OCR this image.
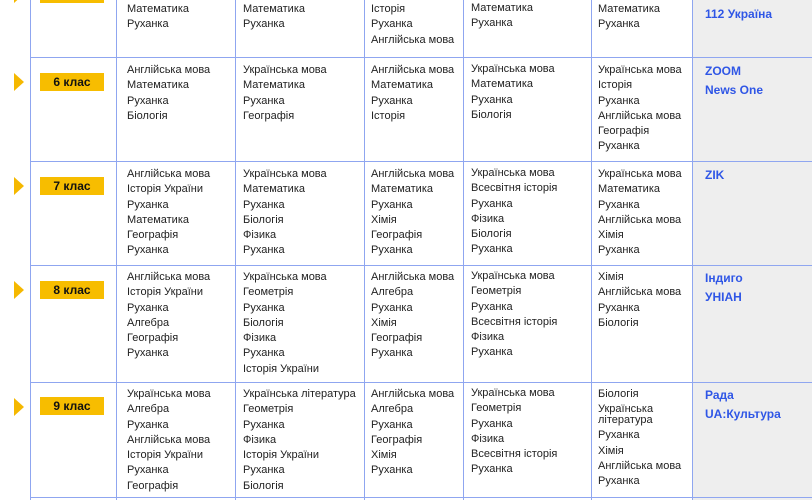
Математика
Руханка
Математика
Руханка
Історія
Руханка
Англійська мова
Математика
Руханка
Математика
Руханка
112 Україна
6 клас
Англійська мова
Математика
Руханка
Біологія
Українська мова
Математика
Руханка
Географія
Англійська мова
Математика
Руханка
Історія
Українська мова
Математика
Руханка
Біологія
Українська мова
Історія
Руханка
Англійська мова
Географія
Руханка
ZOOM
News One
7 клас
Англійська мова
Історія України
Руханка
Математика
Географія
Руханка
Українська мова
Математика
Руханка
Біологія
Фізика
Руханка
Англійська мова
Математика
Руханка
Хімія
Географія
Руханка
Українська мова
Всесвітня історія
Руханка
Фізика
Біологія
Руханка
Українська мова
Математика
Руханка
Англійська мова
Хімія
Руханка
ZIK
8 клас
Англійська мова
Історія України
Руханка
Алгебра
Географія
Руханка
Українська мова
Геометрія
Руханка
Біологія
Фізика
Руханка
Історія України
Англійська мова
Алгебра
Руханка
Хімія
Географія
Руханка
Українська мова
Геометрія
Руханка
Всесвітня історія
Фізика
Руханка
Хімія
Англійська мова
Руханка
Біологія
Індиго
УНІАН
9 клас
Українська мова
Алгебра
Руханка
Англійська мова
Історія України
Руханка
Географія
Українська література
Геометрія
Руханка
Фізика
Історія України
Руханка
Біологія
Англійська мова
Алгебра
Руханка
Географія
Хімія
Руханка
Українська мова
Геометрія
Руханка
Фізика
Всесвітня історія
Руханка
Біологія
Українська література
Руханка
Хімія
Англійська мова
Руханка
Рада
UA:Культура
